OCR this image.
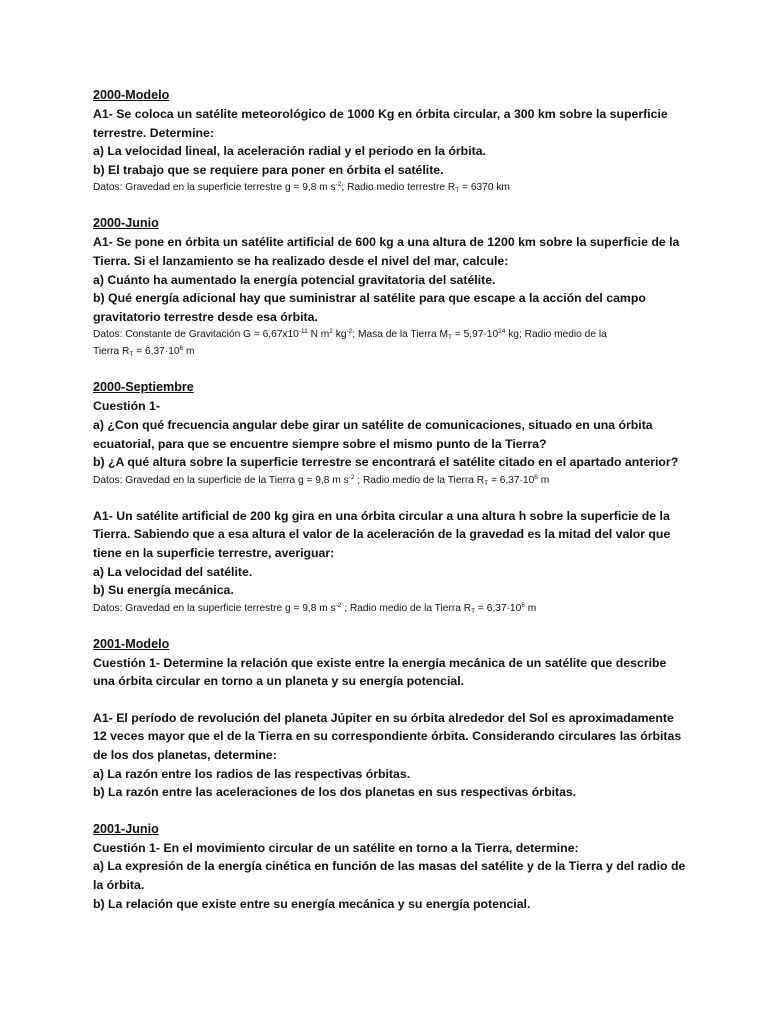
2000-Modelo
A1- Se coloca un satélite meteorológico de 1000 Kg en órbita circular, a 300 km sobre la superficie
terrestre. Determine:
a) La velocidad lineal, la aceleración radial y el periodo en la órbita.
b) El trabajo que se requiere para poner en órbita el satélite.
Datos: Gravedad en la superficie terrestre g = 9,8 m $s^{-2}$; Radio medio terrestre $R_T = 6370$ km
2000-Junio
A1- Se pone en órbita un satélite artificial de 600 kg a una altura de 1200 km sobre la superficie de la
Tierra. Si el lanzamiento se ha realizado desde el nivel del mar, calcule:
a) Cuánto ha aumentado la energía potencial gravitatoria del satélite.
b) Qué energía adicional hay que suministrar al satélite para que escape a la acción del campo
gravitatorio terrestre desde esa órbita.
Datos: Constante de Gravitación $G = 6,67x10^{-11}$ N $m^2$ $kg^{-2}$; Masa de la Tierra $M_T = 5,97\cdot 10^{24}$ kg; Radio medio de la
Tierra $R_T = 6,37\cdot 10^6$ m
2000-Septiembre
Cuestión 1-
a) ¿Con qué frecuencia angular debe girar un satélite de comunicaciones, situado en una órbita
ecuatorial, para que se encuentre siempre sobre el mismo punto de la Tierra?
b) ¿A qué altura sobre la superficie terrestre se encontrará el satélite citado en el apartado anterior?
Datos: Gravedad en la superficie de la Tierra g = 9,8 m $s^{-2}$ ; Radio medio de la Tierra $R_T = 6,37\cdot 10^6$ m
A1- Un satélite artificial de 200 kg gira en una órbita circular a una altura h sobre la superficie de la
Tierra. Sabiendo que a esa altura el valor de la aceleración de la gravedad es la mitad del valor que
tiene en la superficie terrestre, averiguar:
a) La velocidad del satélite.
b) Su energía mecánica.
Datos: Gravedad en la superficie terrestre g = 9,8 m $s^{-2}$ ; Radio medio de la Tierra $R_T = 6,37\cdot 10^6$ m
2001-Modelo
Cuestión 1- Determine la relación que existe entre la energía mecánica de un satélite que describe
una órbita circular en torno a un planeta y su energía potencial.
A1- El período de revolución del planeta Júpiter en su órbita alrededor del Sol es aproximadamente
12 veces mayor que el de la Tierra en su correspondiente órbita. Considerando circulares las órbitas
de los dos planetas, determine:
a) La razón entre los radios de las respectivas órbitas.
b) La razón entre las aceleraciones de los dos planetas en sus respectivas órbitas.
2001-Junio
Cuestión 1- En el movimiento circular de un satélite en torno a la Tierra, determine:
a) La expresión de la energía cinética en función de las masas del satélite y de la Tierra y del radio de
la órbita.
b) La relación que existe entre su energía mecánica y su energía potencial.
